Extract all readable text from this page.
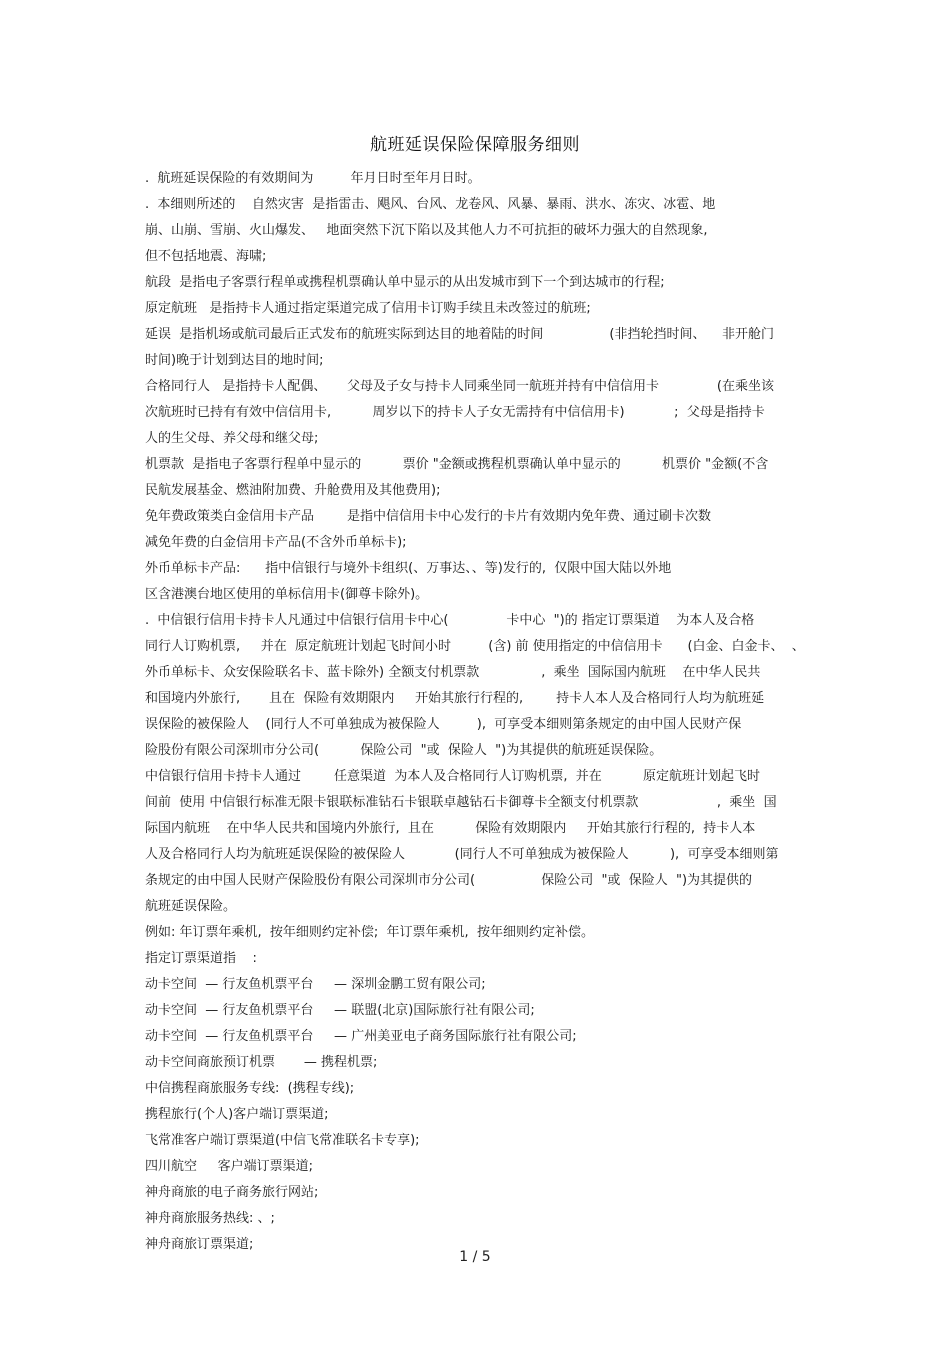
航班延误保险保障服务细则
.  航班延误保险的有效期间为         年月日时至年月日时。
.  本细则所述的    自然灾害  是指雷击、飓风、台风、龙卷风、风暴、暴雨、洪水、冻灾、冰雹、地
崩、山崩、雪崩、火山爆发、   地面突然下沉下陷以及其他人力不可抗拒的破坏力强大的自然现象,
但不包括地震、海啸;
航段  是指电子客票行程单或携程机票确认单中显示的从出发城市到下一个到达城市的行程;
原定航班   是指持卡人通过指定渠道完成了信用卡订购手续且未改签过的航班;
延误  是指机场或航司最后正式发布的航班实际到达目的地着陆的时间                (非挡轮挡时间、    非开舱门
时间)晚于计划到达目的地时间;
合格同行人   是指持卡人配偶、     父母及子女与持卡人同乘坐同一航班并持有中信信用卡              (在乘坐该
次航班时已持有有效中信信用卡,          周岁以下的持卡人子女无需持有中信信用卡)            ;  父母是指持卡
人的生父母、养父母和继父母;
机票款  是指电子客票行程单中显示的          票价 "金额或携程机票确认单中显示的          机票价 "金额(不含
民航发展基金、燃油附加费、升舱费用及其他费用);
免年费政策类白金信用卡产品        是指中信信用卡中心发行的卡片有效期内免年费、通过刷卡次数
减免年费的白金信用卡产品(不含外币单标卡);
外币单标卡产品:      指中信银行与境外卡组织(、万事达、、等)发行的,  仅限中国大陆以外地
区含港澳台地区使用的单标信用卡(御尊卡除外)。
.  中信银行信用卡持卡人凡通过中信银行信用卡中心(              卡中心  ")的 指定订票渠道    为本人及合格
同行人订购机票,     并在  原定航班计划起飞时间小时         (含) 前 使用指定的中信信用卡      (白金、白金卡、  、
外币单标卡、众安保险联名卡、蓝卡除外) 全额支付机票款               ,  乘坐  国际国内航班    在中华人民共
和国境内外旅行,       且在  保险有效期限内     开始其旅行行程的,        持卡人本人及合格同行人均为航班延
误保险的被保险人    (同行人不可单独成为被保险人         ),  可享受本细则第条规定的由中国人民财产保
险股份有限公司深圳市分公司(          保险公司  "或  保险人  ")为其提供的航班延误保险。
中信银行信用卡持卡人通过        任意渠道  为本人及合格同行人订购机票,  并在          原定航班计划起飞时
间前  使用 中信银行标准无限卡银联标准钻石卡银联卓越钻石卡御尊卡全额支付机票款                   ,  乘坐  国
际国内航班    在中华人民共和国境内外旅行,  且在          保险有效期限内     开始其旅行行程的,  持卡人本
人及合格同行人均为航班延误保险的被保险人            (同行人不可单独成为被保险人          ),  可享受本细则第
条规定的由中国人民财产保险股份有限公司深圳市分公司(                保险公司  "或  保险人  ")为其提供的
航班延误保险。
例如: 年订票年乘机,  按年细则约定补偿;  年订票年乘机,  按年细则约定补偿。
指定订票渠道指    :
动卡空间  — 行友鱼机票平台     — 深圳金鹏工贸有限公司;
动卡空间  — 行友鱼机票平台     — 联盟(北京)国际旅行社有限公司;
动卡空间  — 行友鱼机票平台     — 广州美亚电子商务国际旅行社有限公司;
动卡空间商旅预订机票       — 携程机票;
中信携程商旅服务专线:  (携程专线);
携程旅行(个人)客户端订票渠道;
飞常准客户端订票渠道(中信飞常准联名卡专享);
四川航空     客户端订票渠道;
神舟商旅的电子商务旅行网站;
神舟商旅服务热线: 、;
神舟商旅订票渠道;
1 / 5
